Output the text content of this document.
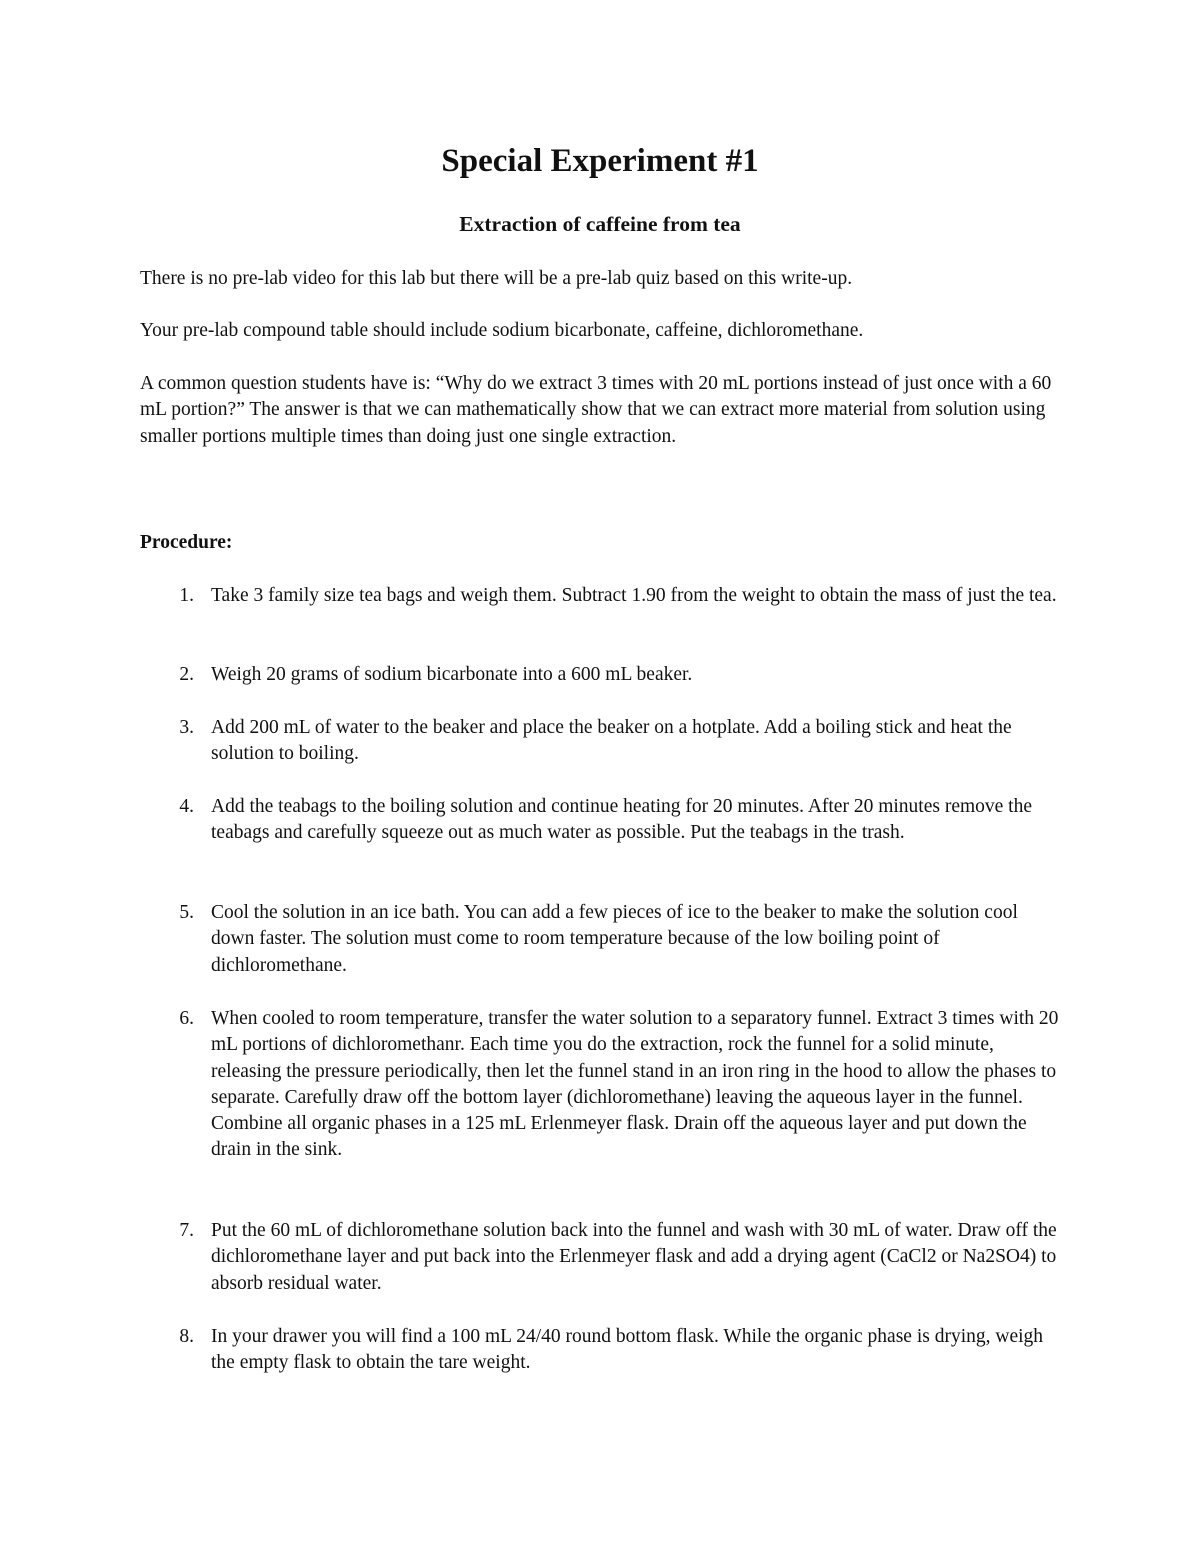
Special Experiment #1
Extraction of caffeine from tea

There is no pre-lab video for this lab but there will be a pre-lab quiz based on this write-up.

Your pre-lab compound table should include sodium bicarbonate, caffeine, dichloromethane.

A common question students have is: “Why do we extract 3 times with 20 mL portions instead of just once with a 60 mL portion?” The answer is that we can mathematically show that we can extract more material from solution using smaller portions multiple times than doing just one single extraction.

Procedure:
1. Take 3 family size tea bags and weigh them. Subtract 1.90 from the weight to obtain the mass of just the tea.
2. Weigh 20 grams of sodium bicarbonate into a 600 mL beaker.
3. Add 200 mL of water to the beaker and place the beaker on a hotplate. Add a boiling stick and heat the solution to boiling.
4. Add the teabags to the boiling solution and continue heating for 20 minutes. After 20 minutes remove the teabags and carefully squeeze out as much water as possible. Put the teabags in the trash.
5. Cool the solution in an ice bath. You can add a few pieces of ice to the beaker to make the solution cool down faster. The solution must come to room temperature because of the low boiling point of dichloromethane.
6. When cooled to room temperature, transfer the water solution to a separatory funnel. Extract 3 times with 20 mL portions of dichloromethanr. Each time you do the extraction, rock the funnel for a solid minute, releasing the pressure periodically, then let the funnel stand in an iron ring in the hood to allow the phases to separate. Carefully draw off the bottom layer (dichloromethane) leaving the aqueous layer in the funnel. Combine all organic phases in a 125 mL Erlenmeyer flask. Drain off the aqueous layer and put down the drain in the sink.
7. Put the 60 mL of dichloromethane solution back into the funnel and wash with 30 mL of water. Draw off the dichloromethane layer and put back into the Erlenmeyer flask and add a drying agent (CaCl2 or Na2SO4) to absorb residual water.
8. In your drawer you will find a 100 mL 24/40 round bottom flask. While the organic phase is drying, weigh the empty flask to obtain the tare weight.
